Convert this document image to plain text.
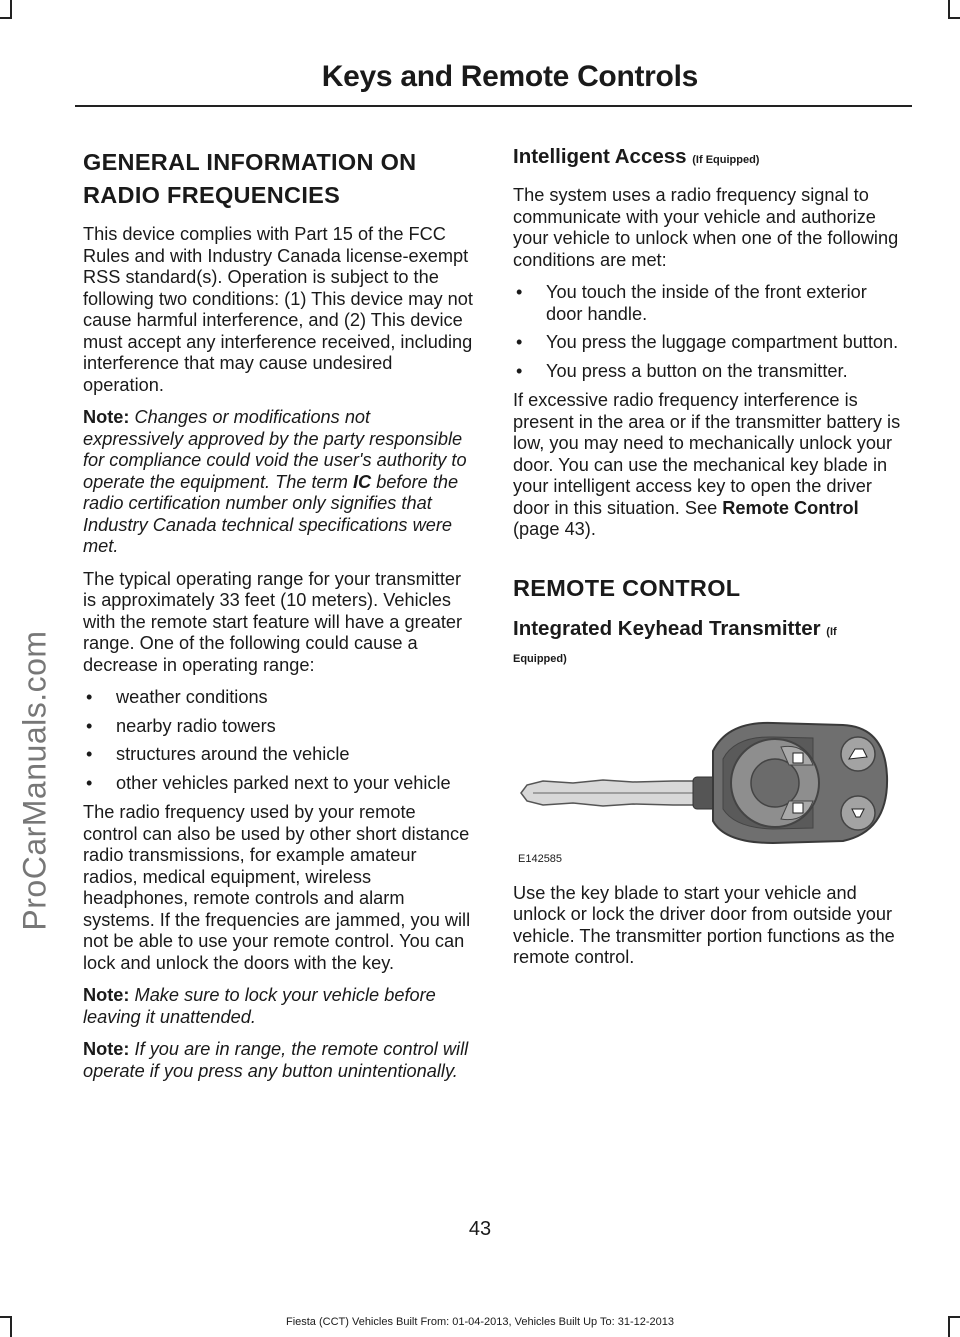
ProCarManuals.com
Keys and Remote Controls
GENERAL INFORMATION ON
RADIO FREQUENCIES

This device complies with Part 15 of the FCC Rules and with Industry Canada license-exempt RSS standard(s). Operation is subject to the following two conditions: (1) This device may not cause harmful interference, and (2) This device must accept any interference received, including interference that may cause undesired operation.

Note: Changes or modifications not expressively approved by the party responsible for compliance could void the user's authority to operate the equipment. The term IC before the radio certification number only signifies that Industry Canada technical specifications were met.

The typical operating range for your transmitter is approximately 33 feet (10 meters). Vehicles with the remote start feature will have a greater range. One of the following could cause a decrease in operating range:

• weather conditions
• nearby radio towers
• structures around the vehicle
• other vehicles parked next to your vehicle

The radio frequency used by your remote control can also be used by other short distance radio transmissions, for example amateur radios, medical equipment, wireless headphones, remote controls and alarm systems. If the frequencies are jammed, you will not be able to use your remote control. You can lock and unlock the doors with the key.

Note: Make sure to lock your vehicle before leaving it unattended.

Note: If you are in range, the remote control will operate if you press any button unintentionally.

Intelligent Access (If Equipped)

The system uses a radio frequency signal to communicate with your vehicle and authorize your vehicle to unlock when one of the following conditions are met:

• You touch the inside of the front exterior door handle.
• You press the luggage compartment button.
• You press a button on the transmitter.

If excessive radio frequency interference is present in the area or if the transmitter battery is low, you may need to mechanically unlock your door. You can use the mechanical key blade in your intelligent access key to open the driver door in this situation. See Remote Control (page 43).

REMOTE CONTROL
Integrated Keyhead Transmitter (If
Equipped)
E142585

Use the key blade to start your vehicle and unlock or lock the driver door from outside your vehicle. The transmitter portion functions as the remote control.

43
Fiesta (CCT) Vehicles Built From: 01-04-2013, Vehicles Built Up To: 31-12-2013
